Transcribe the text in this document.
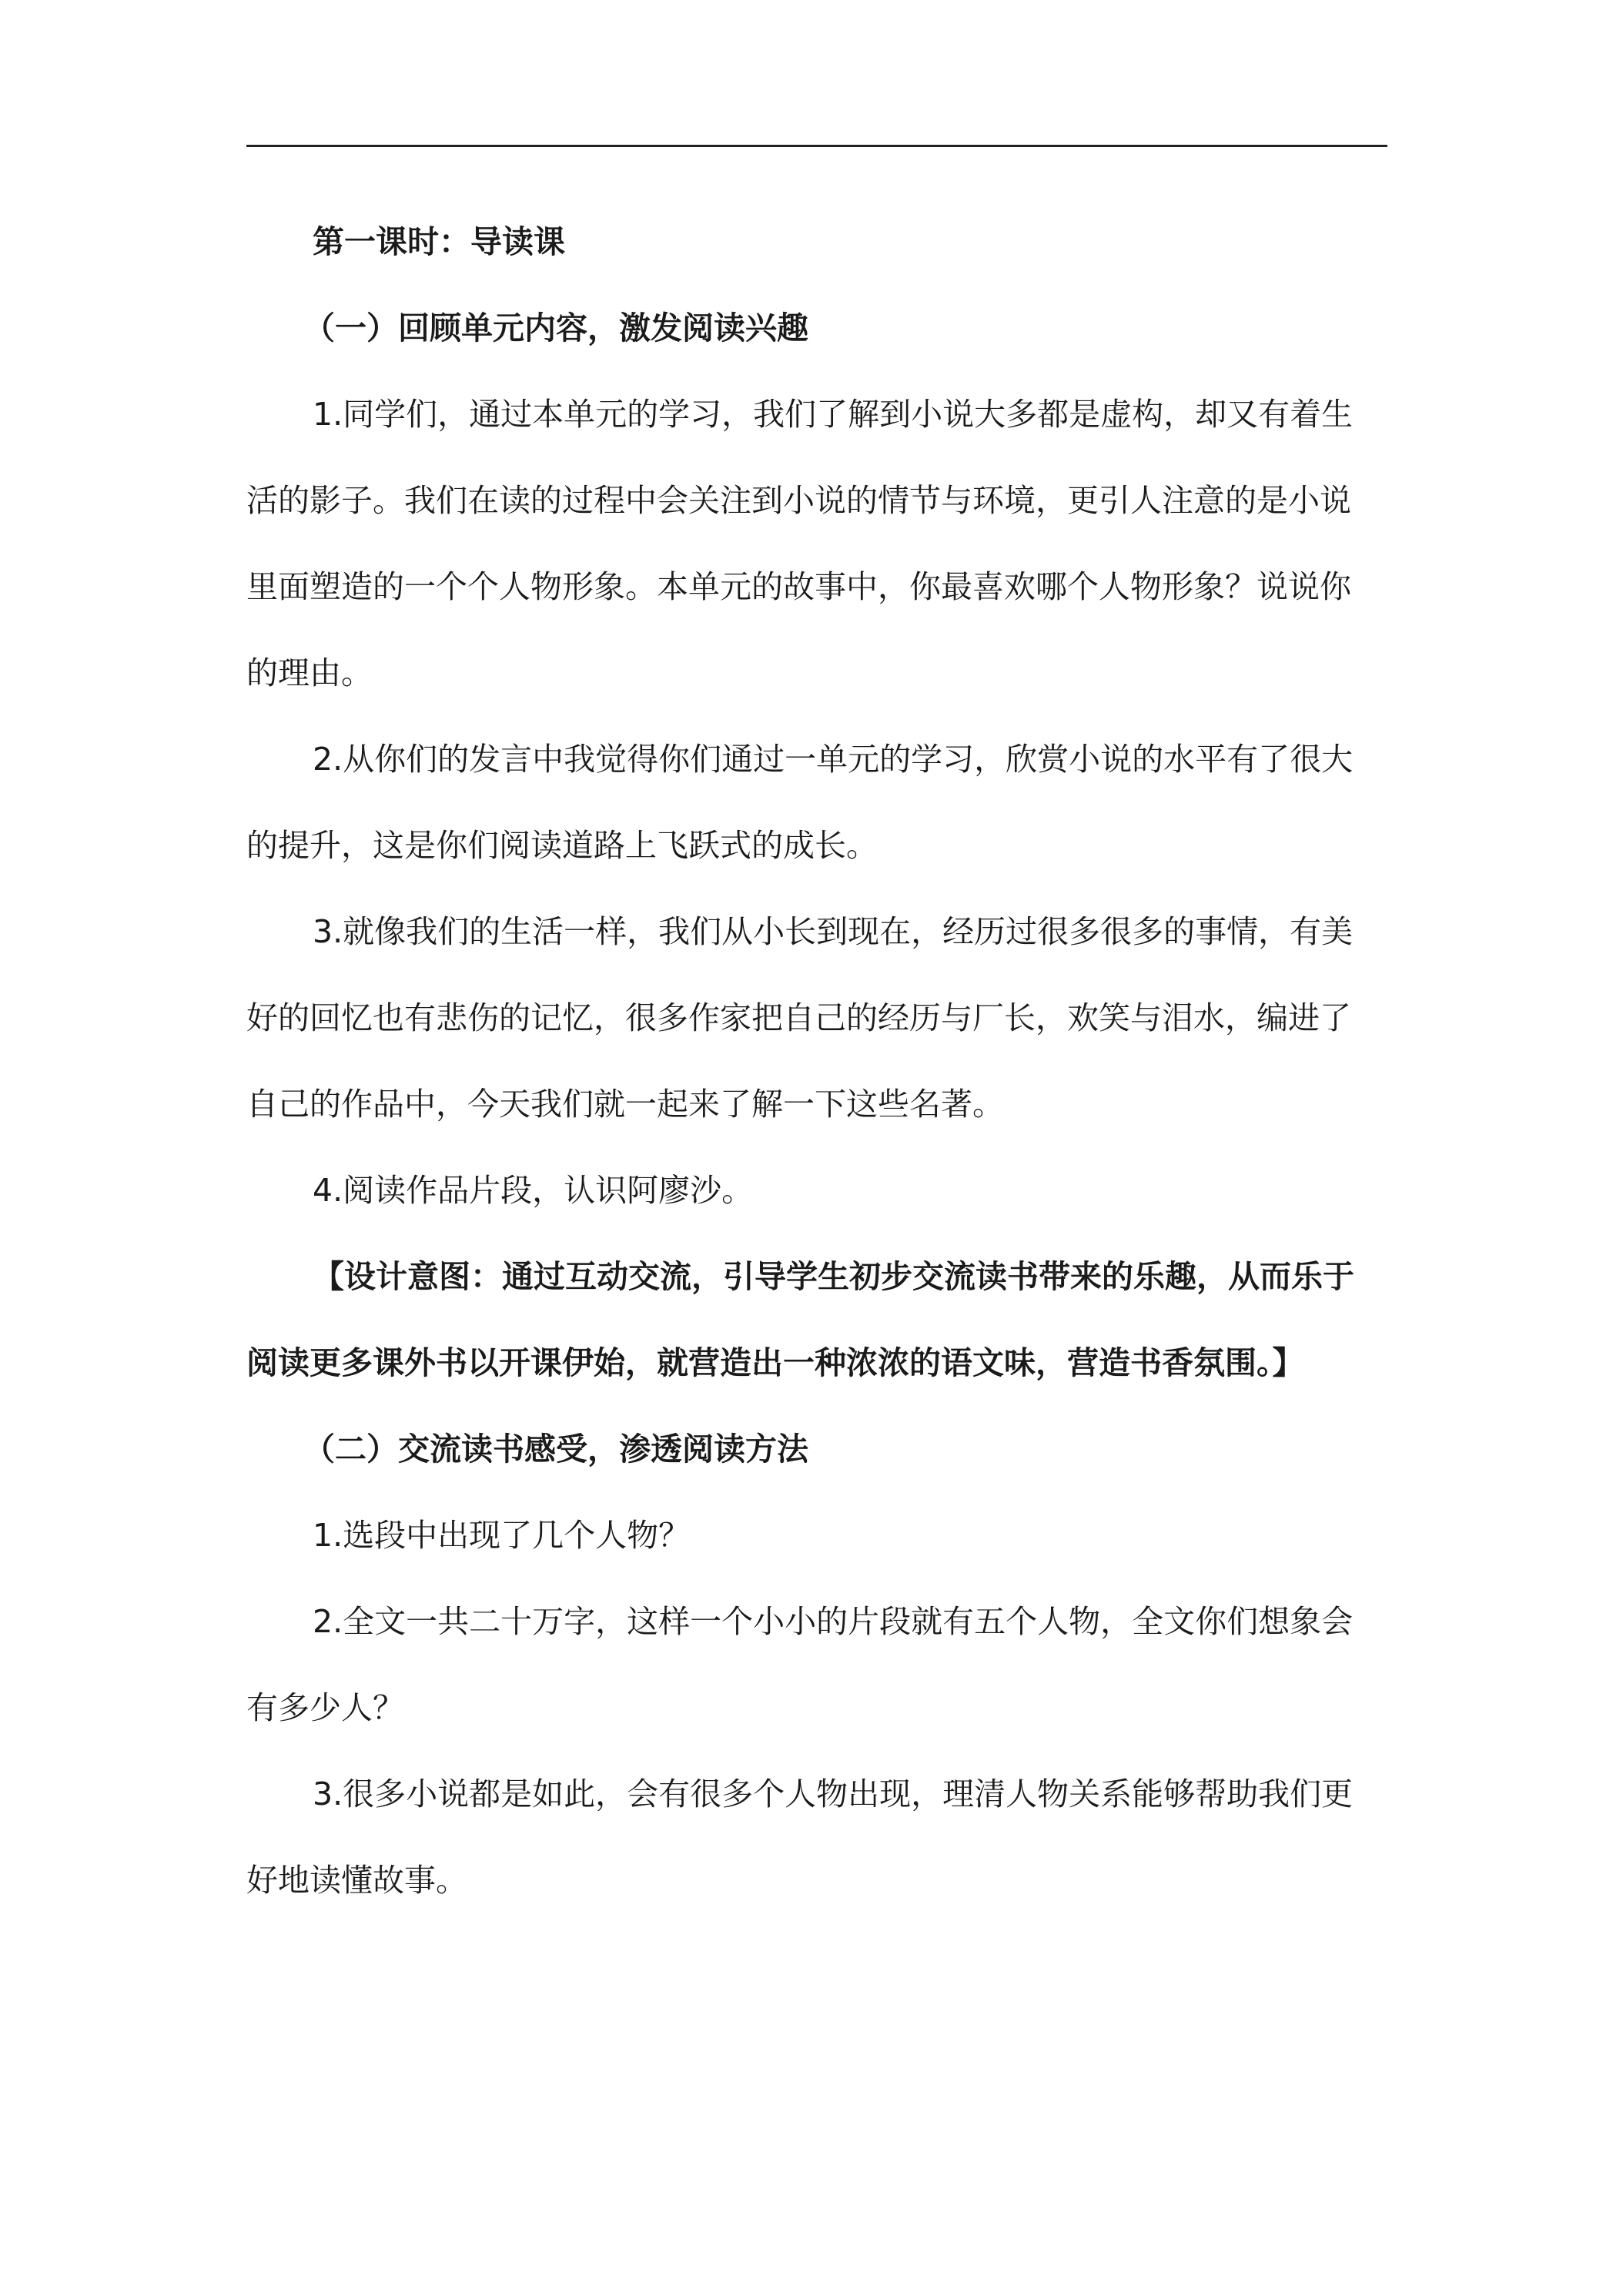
第一课时：导读课
（一）回顾单元内容，激发阅读兴趣
1.同学们，通过本单元的学习，我们了解到小说大多都是虚构，却又有着生
活的影子。我们在读的过程中会关注到小说的情节与环境，更引人注意的是小说
里面塑造的一个个人物形象。本单元的故事中，你最喜欢哪个人物形象？说说你
的理由。
2.从你们的发言中我觉得你们通过一单元的学习，欣赏小说的水平有了很大
的提升，这是你们阅读道路上飞跃式的成长。
3.就像我们的生活一样，我们从小长到现在，经历过很多很多的事情，有美
好的回忆也有悲伤的记忆，很多作家把自己的经历与厂长，欢笑与泪水，编进了
自己的作品中，今天我们就一起来了解一下这些名著。
4.阅读作品片段，认识阿廖沙。
【设计意图：通过互动交流，引导学生初步交流读书带来的乐趣，从而乐于
阅读更多课外书以开课伊始，就营造出一种浓浓的语文味，营造书香氛围。】
（二）交流读书感受，渗透阅读方法
1.选段中出现了几个人物？
2.全文一共二十万字，这样一个小小的片段就有五个人物，全文你们想象会
有多少人？
3.很多小说都是如此，会有很多个人物出现，理清人物关系能够帮助我们更
好地读懂故事。
